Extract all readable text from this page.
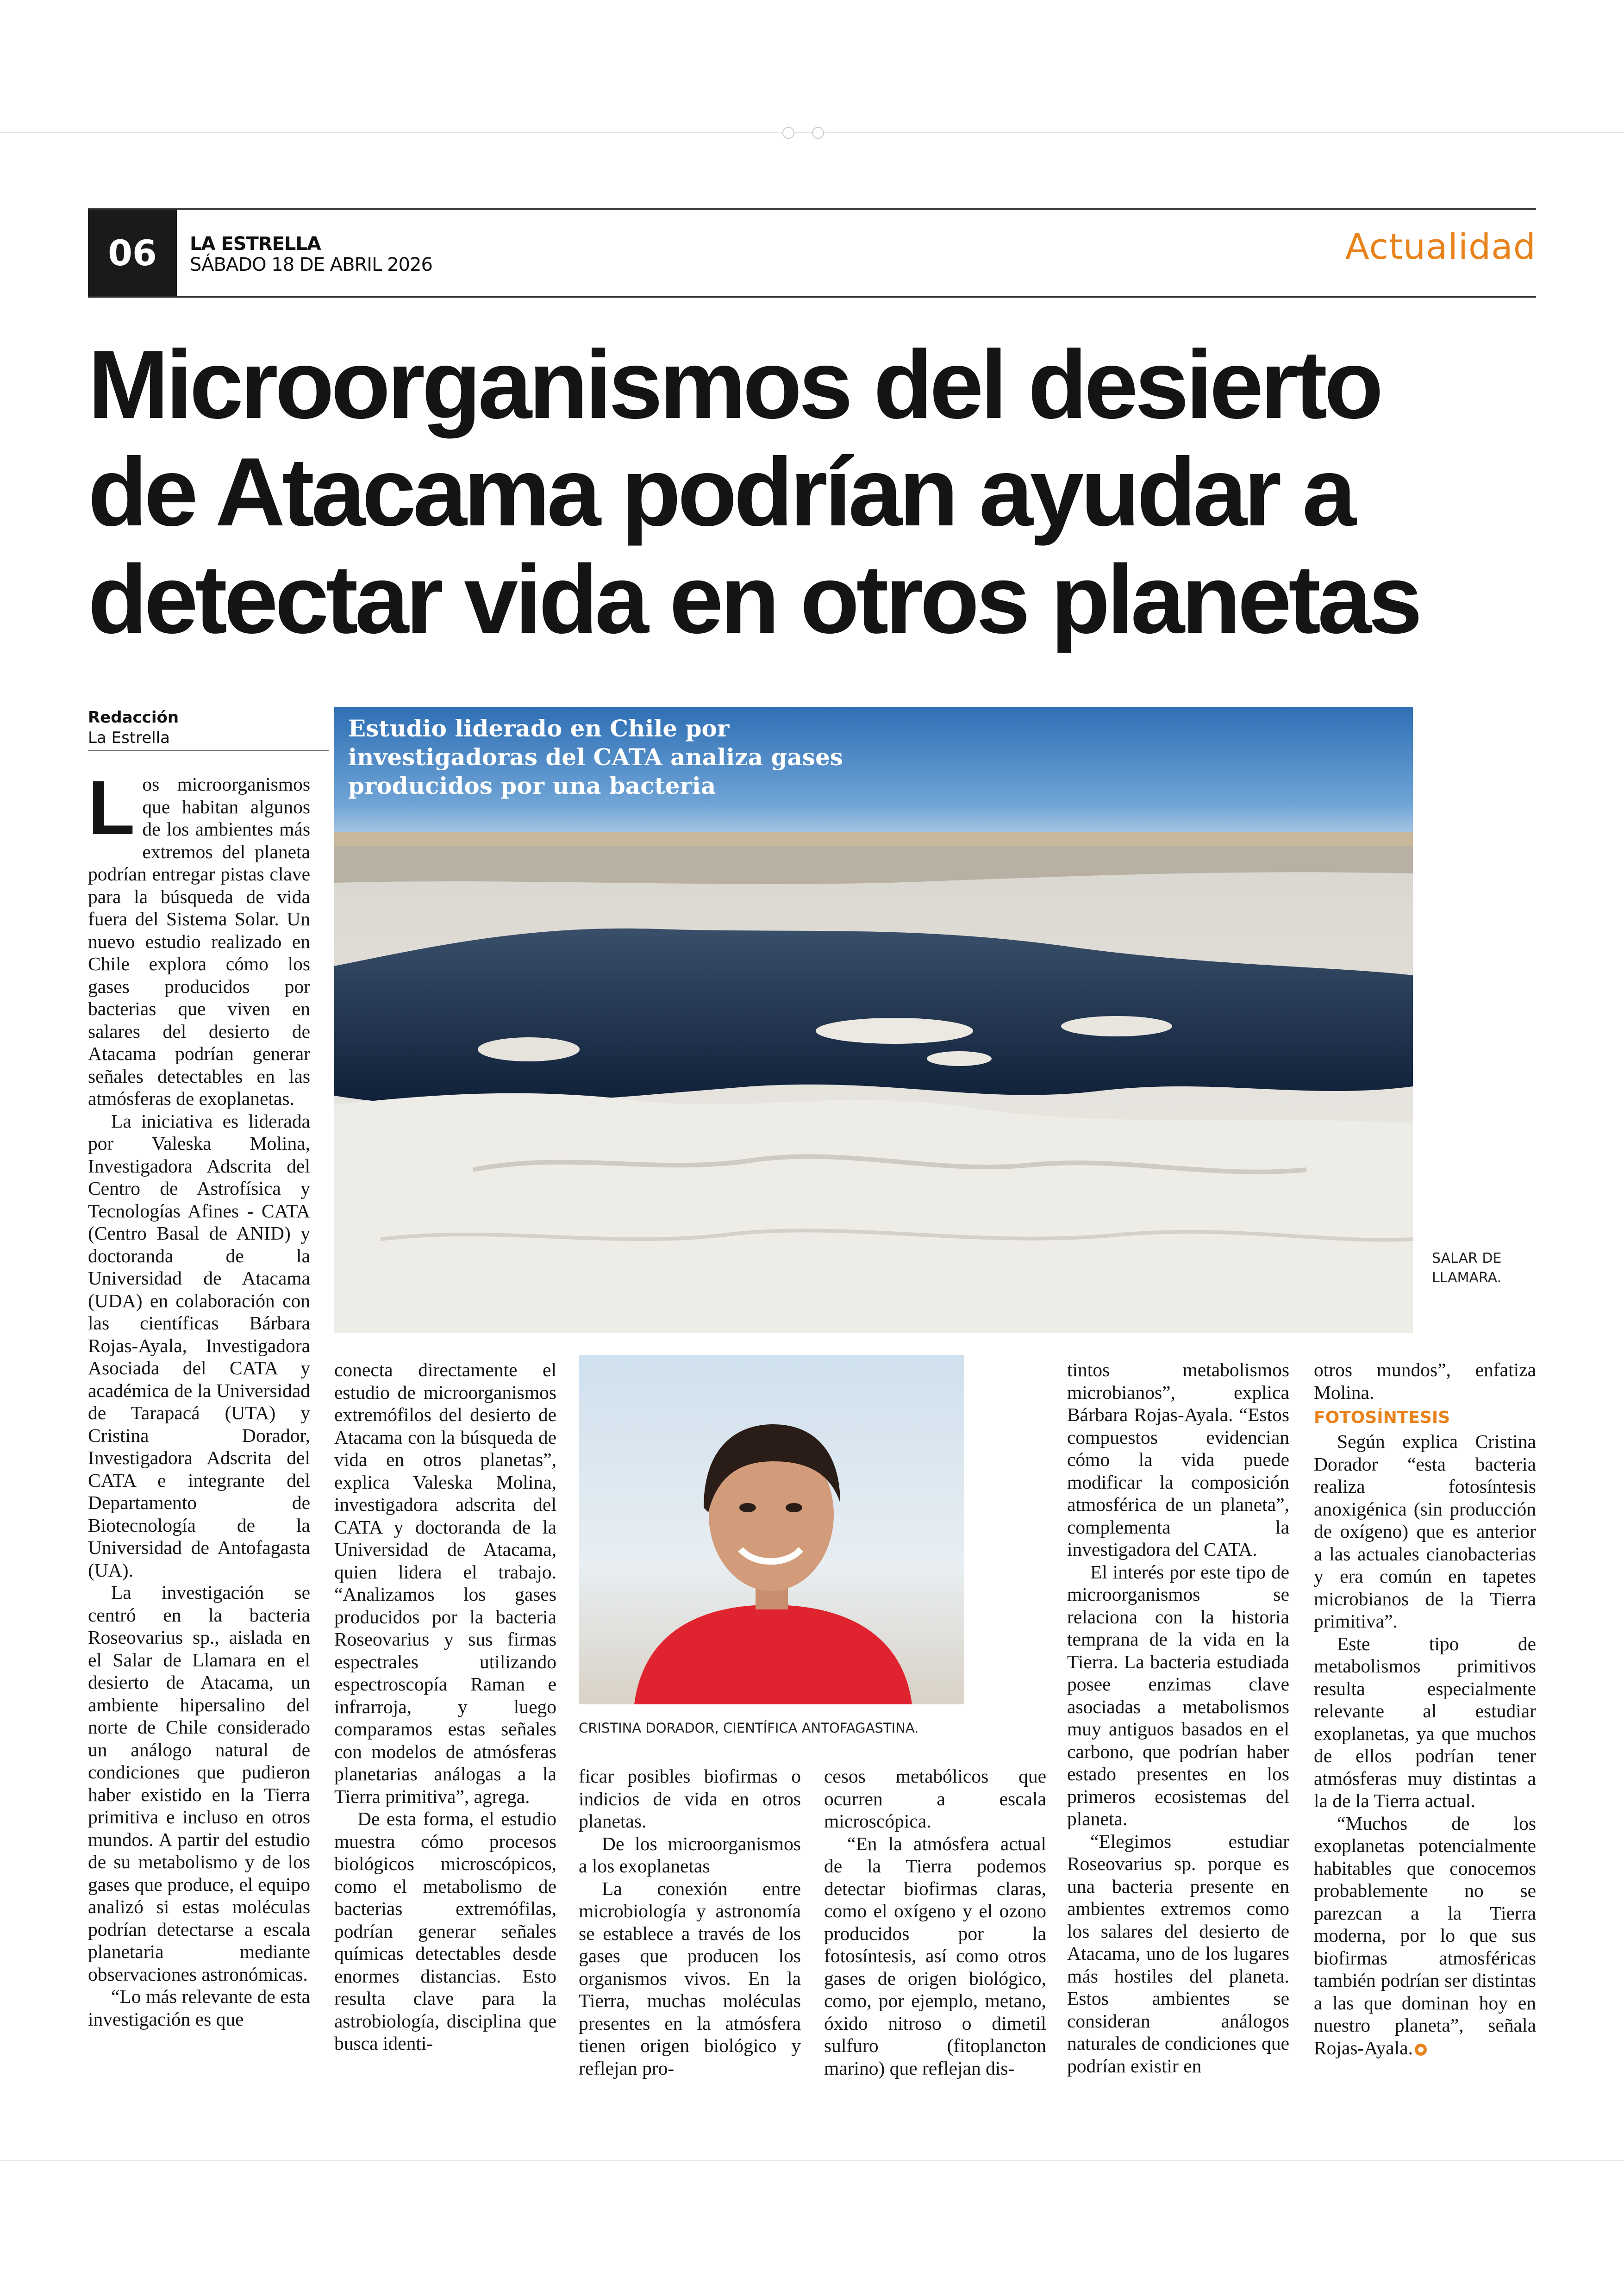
06	LA ESTRELLA
SÁBADO 18 DE ABRIL 2026	Actualidad
Microorganismos del desierto
de Atacama podrían ayudar a
detectar vida en otros planetas
Redacción
La Estrella	Estudio liderado en Chile por investigadoras del CATA analiza gases producidos por una bacteria
SALAR DE
LLAMARA.
CRISTINA DORADOR, CIENTÍFICA ANTOFAGASTINA.

Los microorganismos que habitan algunos de los ambientes más extremos del planeta podrían entregar pistas clave para la búsqueda de vida fuera del Sistema Solar. Un nuevo estudio realizado en Chile explora cómo los gases producidos por bacterias que viven en salares del desierto de Atacama podrían generar señales detectables en las atmósferas de exoplanetas.

La iniciativa es liderada por Valeska Molina, Investigadora Adscrita del Centro de Astrofísica y Tecnologías Afines - CATA (Centro Basal de ANID) y doctoranda de la Universidad de Atacama (UDA) en colaboración con las científicas Bárbara Rojas-Ayala, Investigadora Asociada del CATA y académica de la Universidad de Tarapacá (UTA) y Cristina Dorador, Investigadora Adscrita del CATA e integrante del Departamento de Biotecnología de la Universidad de Antofagasta (UA).

La investigación se centró en la bacteria Roseovarius sp., aislada en el Salar de Llamara en el desierto de Atacama, un ambiente hipersalino del norte de Chile considerado un análogo natural de condiciones que pudieron haber existido en la Tierra primitiva e incluso en otros mundos. A partir del estudio de su metabolismo y de los gases que produce, el equipo analizó si estas moléculas podrían detectarse a escala planetaria mediante observaciones astronómicas.

“Lo más relevante de esta investigación es que

conecta directamente el estudio de microorganismos extremófilos del desierto de Atacama con la búsqueda de vida en otros planetas”, explica Valeska Molina, investigadora adscrita del CATA y doctoranda de la Universidad de Atacama, quien lidera el trabajo. “Analizamos los gases producidos por la bacteria Roseovarius y sus firmas espectrales utilizando espectroscopía Raman e infrarroja, y luego comparamos estas señales con modelos de atmósferas planetarias análogas a la Tierra primitiva”, agrega.

De esta forma, el estudio muestra cómo procesos biológicos microscópicos, como el metabolismo de bacterias extremófilas, podrían generar señales químicas detectables desde enormes distancias. Esto resulta clave para la astrobiología, disciplina que busca identi-

ficar posibles biofirmas o indicios de vida en otros planetas.

De los microorganismos a los exoplanetas

La conexión entre microbiología y astronomía se establece a través de los gases que producen los organismos vivos. En la Tierra, muchas moléculas presentes en la atmósfera tienen origen biológico y reflejan pro-

cesos metabólicos que ocurren a escala microscópica.

“En la atmósfera actual de la Tierra podemos detectar biofirmas claras, como el oxígeno y el ozono producidos por la fotosíntesis, así como otros gases de origen biológico, como, por ejemplo, metano, óxido nitroso o dimetil sulfuro (fitoplancton marino) que reflejan dis-

tintos metabolismos microbianos”, explica Bárbara Rojas-Ayala. “Estos compuestos evidencian cómo la vida puede modificar la composición atmosférica de un planeta”, complementa la investigadora del CATA.

El interés por este tipo de microorganismos se relaciona con la historia temprana de la vida en la Tierra. La bacteria estudiada posee enzimas clave asociadas a metabolismos muy antiguos basados en el carbono, que podrían haber estado presentes en los primeros ecosistemas del planeta.

“Elegimos estudiar Roseovarius sp. porque es una bacteria presente en ambientes extremos como los salares del desierto de Atacama, uno de los lugares más hostiles del planeta. Estos ambientes se consideran análogos naturales de condiciones que podrían existir en

otros mundos”, enfatiza Molina.

FOTOSÍNTESIS

Según explica Cristina Dorador “esta bacteria realiza fotosíntesis anoxigénica (sin producción de oxígeno) que es anterior a las actuales cianobacterias y era común en tapetes microbianos de la Tierra primitiva”.

Este tipo de metabolismos primitivos resulta especialmente relevante al estudiar exoplanetas, ya que muchos de ellos podrían tener atmósferas muy distintas a la de la Tierra actual.

“Muchos de los exoplanetas potencialmente habitables que conocemos probablemente no se parezcan a la Tierra moderna, por lo que sus biofirmas atmosféricas también podrían ser distintas a las que dominan hoy en nuestro planeta”, señala Rojas-Ayala.
